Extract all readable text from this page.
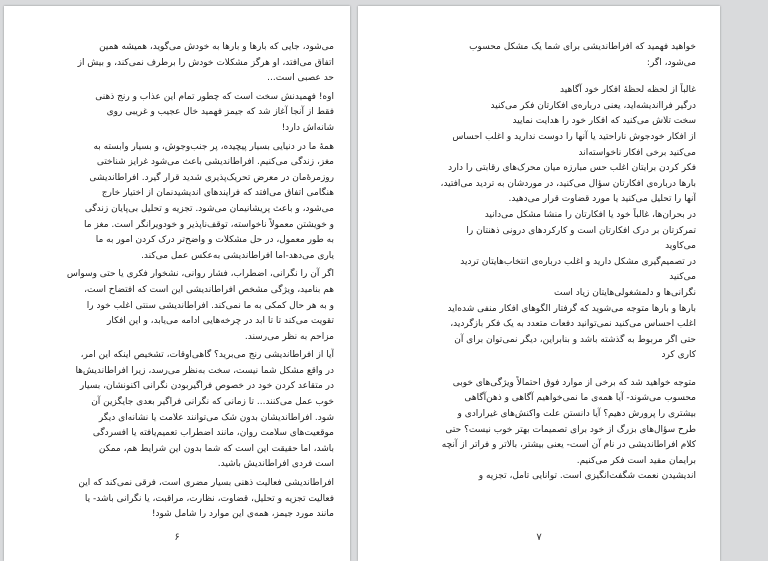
می‌شود، جایی که بارها و بارها به خودش می‌گوید، همیشه همین
اتفاق می‌افتد، او هرگز مشکلات خودش را برطرف نمی‌کند، و بیش از
حد عصبی است...
اوه! فهمیدنش سخت است که چطور تمام این عذاب و رنج ذهنی
فقط از آنجا آغاز شد که جیمز فهمید خال عجیب و غریبی روی
شانه‌اش دارد!
همهٔ ما در دنیایی بسیار پیچیده، پر جنب‌وجوش، و بسیار وابسته به
مغز، زندگی می‌کنیم. افراطاندیشی باعث می‌شود غرایز شناختی
روزمرهٔ‌مان در معرض تحریک‌پذیری شدید قرار گیرد. افراطاندیشی
هنگامی اتفاق می‌افتد که فرایندهای اندیشیدنمان از اختیار خارج
می‌شود، و باعث پریشانیمان می‌شود. تجزیه و تحلیل بی‌پایان زندگی
و خویشتن معمولاً ناخواسته، توقف‌ناپذیر و خودویرانگر است. مغز ما
به طور معمول، در حل مشکلات و واضح‌تر درک کردن امور به ما
یاری می‌دهد-اما افراطاندیشی به‌عکس عمل می‌کند.
اگر آن را نگرانی، اضطراب، فشار روانی، نشخوار فکری یا حتی وسواس
هم بنامید، ویژگی مشخص افراطاندیشی این است که افتضاح است،
و به هر حال کمکی به ما نمی‌کند. افراطاندیشی سنتی اغلب خود را
تقویت می‌کند تا تا ابد در چرخه‌هایی ادامه می‌یابد، و این افکار
مزاحم به نظر می‌رسند.
آیا از افراطاندیشی رنج می‌برید؟ گاهی‌اوقات، تشخیص اینکه این امر،
در واقع مشکل شما نیست، سخت به‌نظر می‌رسد، زیرا افراطاندیش‌ها
در متقاعد کردن خود در خصوص فراگیربودن نگرانی اکنونشان، بسیار
خوب عمل می‌کنند... تا زمانی که نگرانی فراگیر بعدی جایگزین آن
شود. افراطاندیشان بدون شک می‌توانند علامت یا نشانه‌ای دیگر
موقعیت‌های سلامت روان، مانند اضطراب تعمیم‌یافته یا افسردگی
باشد، اما حقیقت این است که شما بدون این شرایط هم، ممکن
است فردی افراطاندیش باشید.
افراطاندیشی فعالیت ذهنی بسیار مضری است، فرقی نمی‌کند که این
فعالیت تجزیه و تحلیل، قضاوت، نظارت، مراقبت، یا نگرانی باشد- یا
مانند مورد جیمز، همه‌ی این موارد را شامل شود!
۶
خواهید فهمید که افراطاندیشی برای شما یک مشکل محسوب
می‌شود، اگر:
غالباً از لحظه لحظهٔ افکار خود آگاهید
درگیر فرااندیشه‌اید، یعنی درباره‌ی افکارتان فکر می‌کنید
سخت تلاش می‌کنید که افکار خود را هدایت نمایید
از افکار خودجوش ناراحتید یا آنها را دوست ندارید و اغلب احساس
می‌کنید برخی افکار ناخواسته‌اند
فکر کردن برایتان اغلب حس مبارزه میان محرک‌های رقابتی را دارد
بارها درباره‌ی افکارتان سؤال می‌کنید، در موردشان به تردید می‌افتید،
آنها را تحلیل می‌کنید یا مورد قضاوت قرار می‌دهید.
در بحران‌ها، غالباً خود یا افکارتان را منشا مشکل می‌دانید
تمرکزتان بر درک افکارتان است و کارکردهای درونی ذهنتان را
می‌کاوید
در تصمیم‌گیری مشکل دارید و اغلب درباره‌ی انتخاب‌هایتان تردید
می‌کنید
نگرانی‌ها و دلمشغولی‌هایتان زیاد است
بارها و بارها متوجه می‌شوید که گرفتار الگوهای افکار منفی شده‌اید
اغلب احساس می‌کنید نمی‌توانید دفعات متعدد به یک فکر بازگردید،
حتی اگر مربوط به گذشته باشد و بنابراین، دیگر نمی‌توان برای آن
کاری کرد
متوجه خواهید شد که برخی از موارد فوق احتمالاً ویژگی‌های خوبی
محسوب می‌شوند- آیا همه‌ی ما نمی‌خواهیم آگاهی و ذهن‌آگاهی
بیشتری را پرورش دهیم؟ آیا دانستن علت واکنش‌های غیرارادی و
طرح سؤال‌های بزرگ از خود برای تصمیمات بهتر خوب نیست؟ حتی
کلام افراطاندیشی در نام آن است- یعنی بیشتر، بالاتر و فراتر از آنچه
برایمان مفید است فکر می‌کنیم.
اندیشیدن نعمت شگفت‌انگیزی است. توانایی تامل، تجزیه و
۷
